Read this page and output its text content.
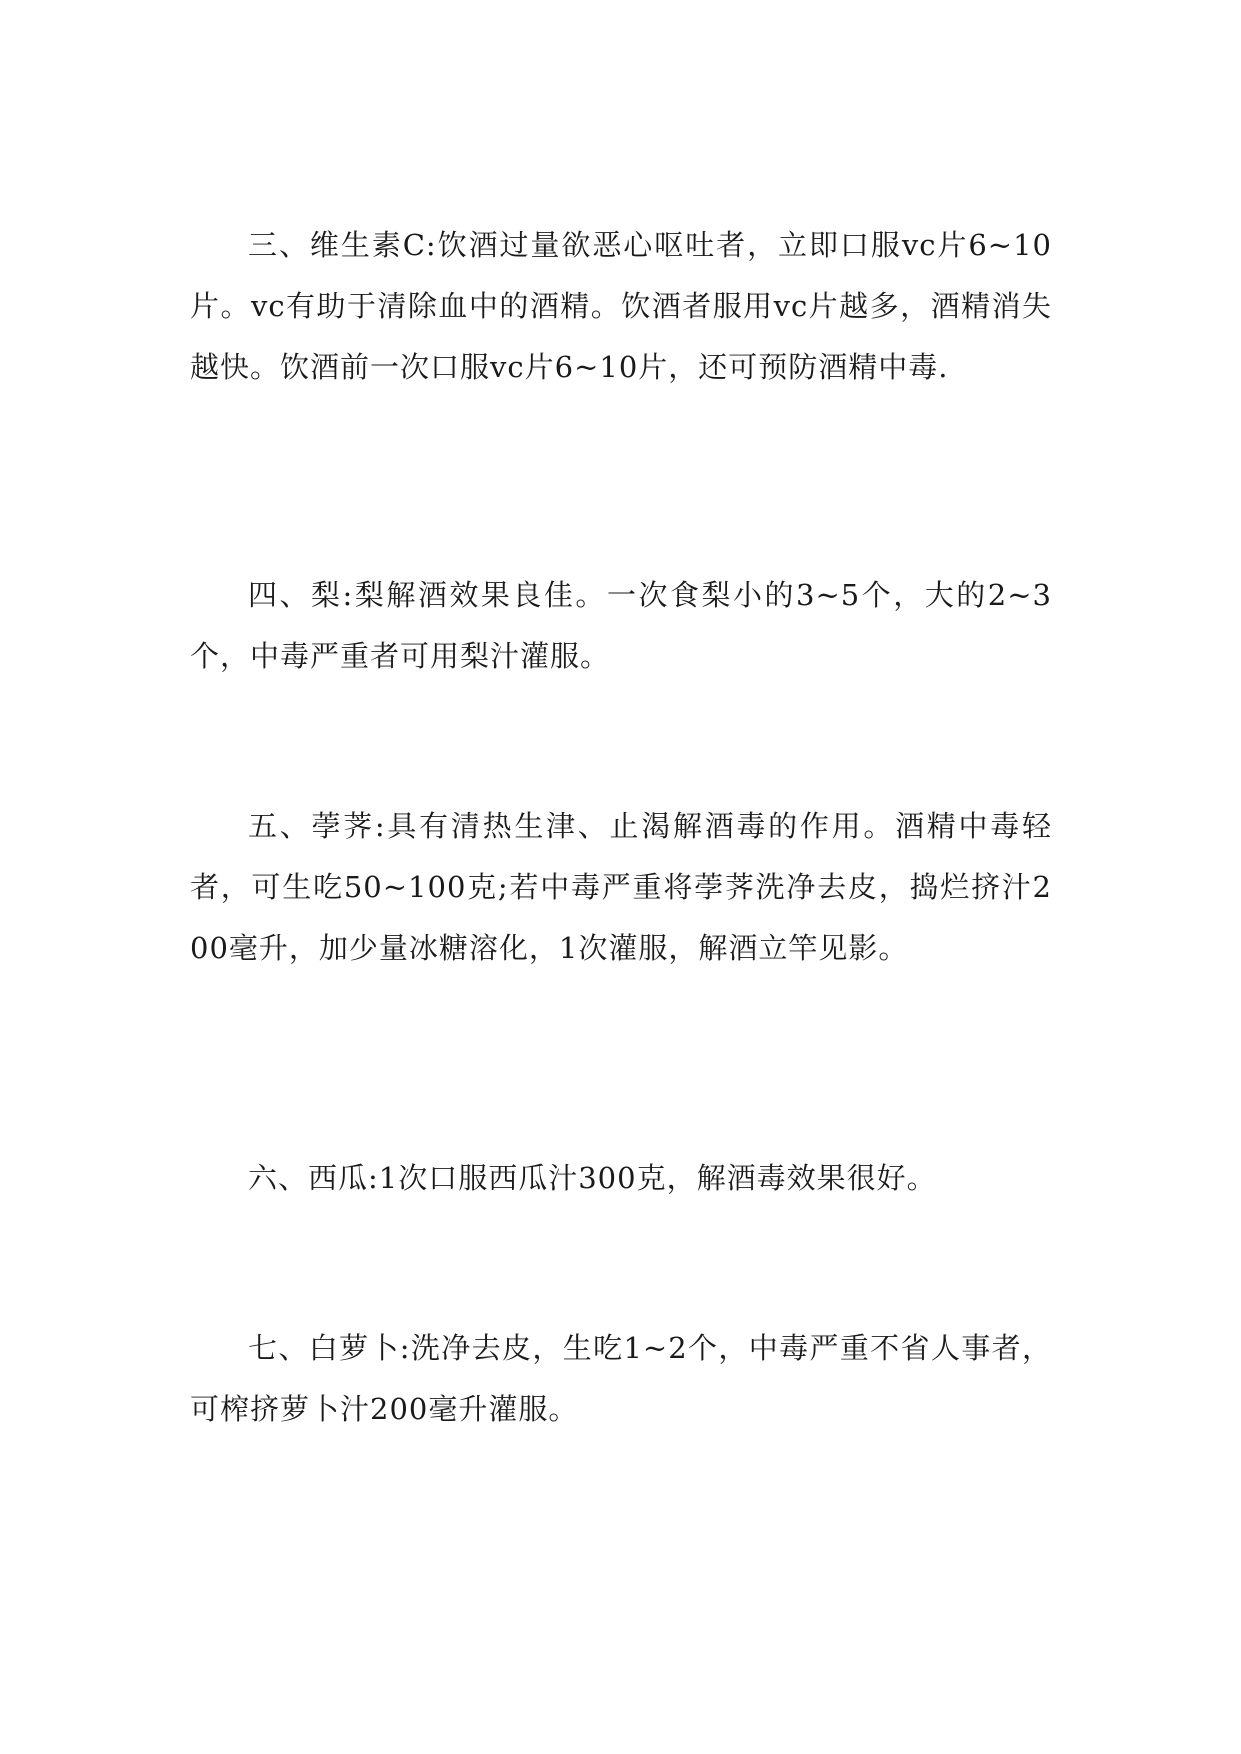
三、维生素C:饮酒过量欲恶心呕吐者，立即口服vc片6~10片。vc有助于清除血中的酒精。饮酒者服用vc片越多，酒精消失越快。饮酒前一次口服vc片6~10片，还可预防酒精中毒.

四、梨:梨解酒效果良佳。一次食梨小的3~5个，大的2~3个，中毒严重者可用梨汁灌服。

五、荸荠:具有清热生津、止渴解酒毒的作用。酒精中毒轻者，可生吃50~100克;若中毒严重将荸荠洗净去皮，捣烂挤汁200毫升，加少量冰糖溶化，1次灌服，解酒立竿见影。

六、西瓜:1次口服西瓜汁300克，解酒毒效果很好。

七、白萝卜:洗净去皮，生吃1~2个，中毒严重不省人事者，可榨挤萝卜汁200毫升灌服。
